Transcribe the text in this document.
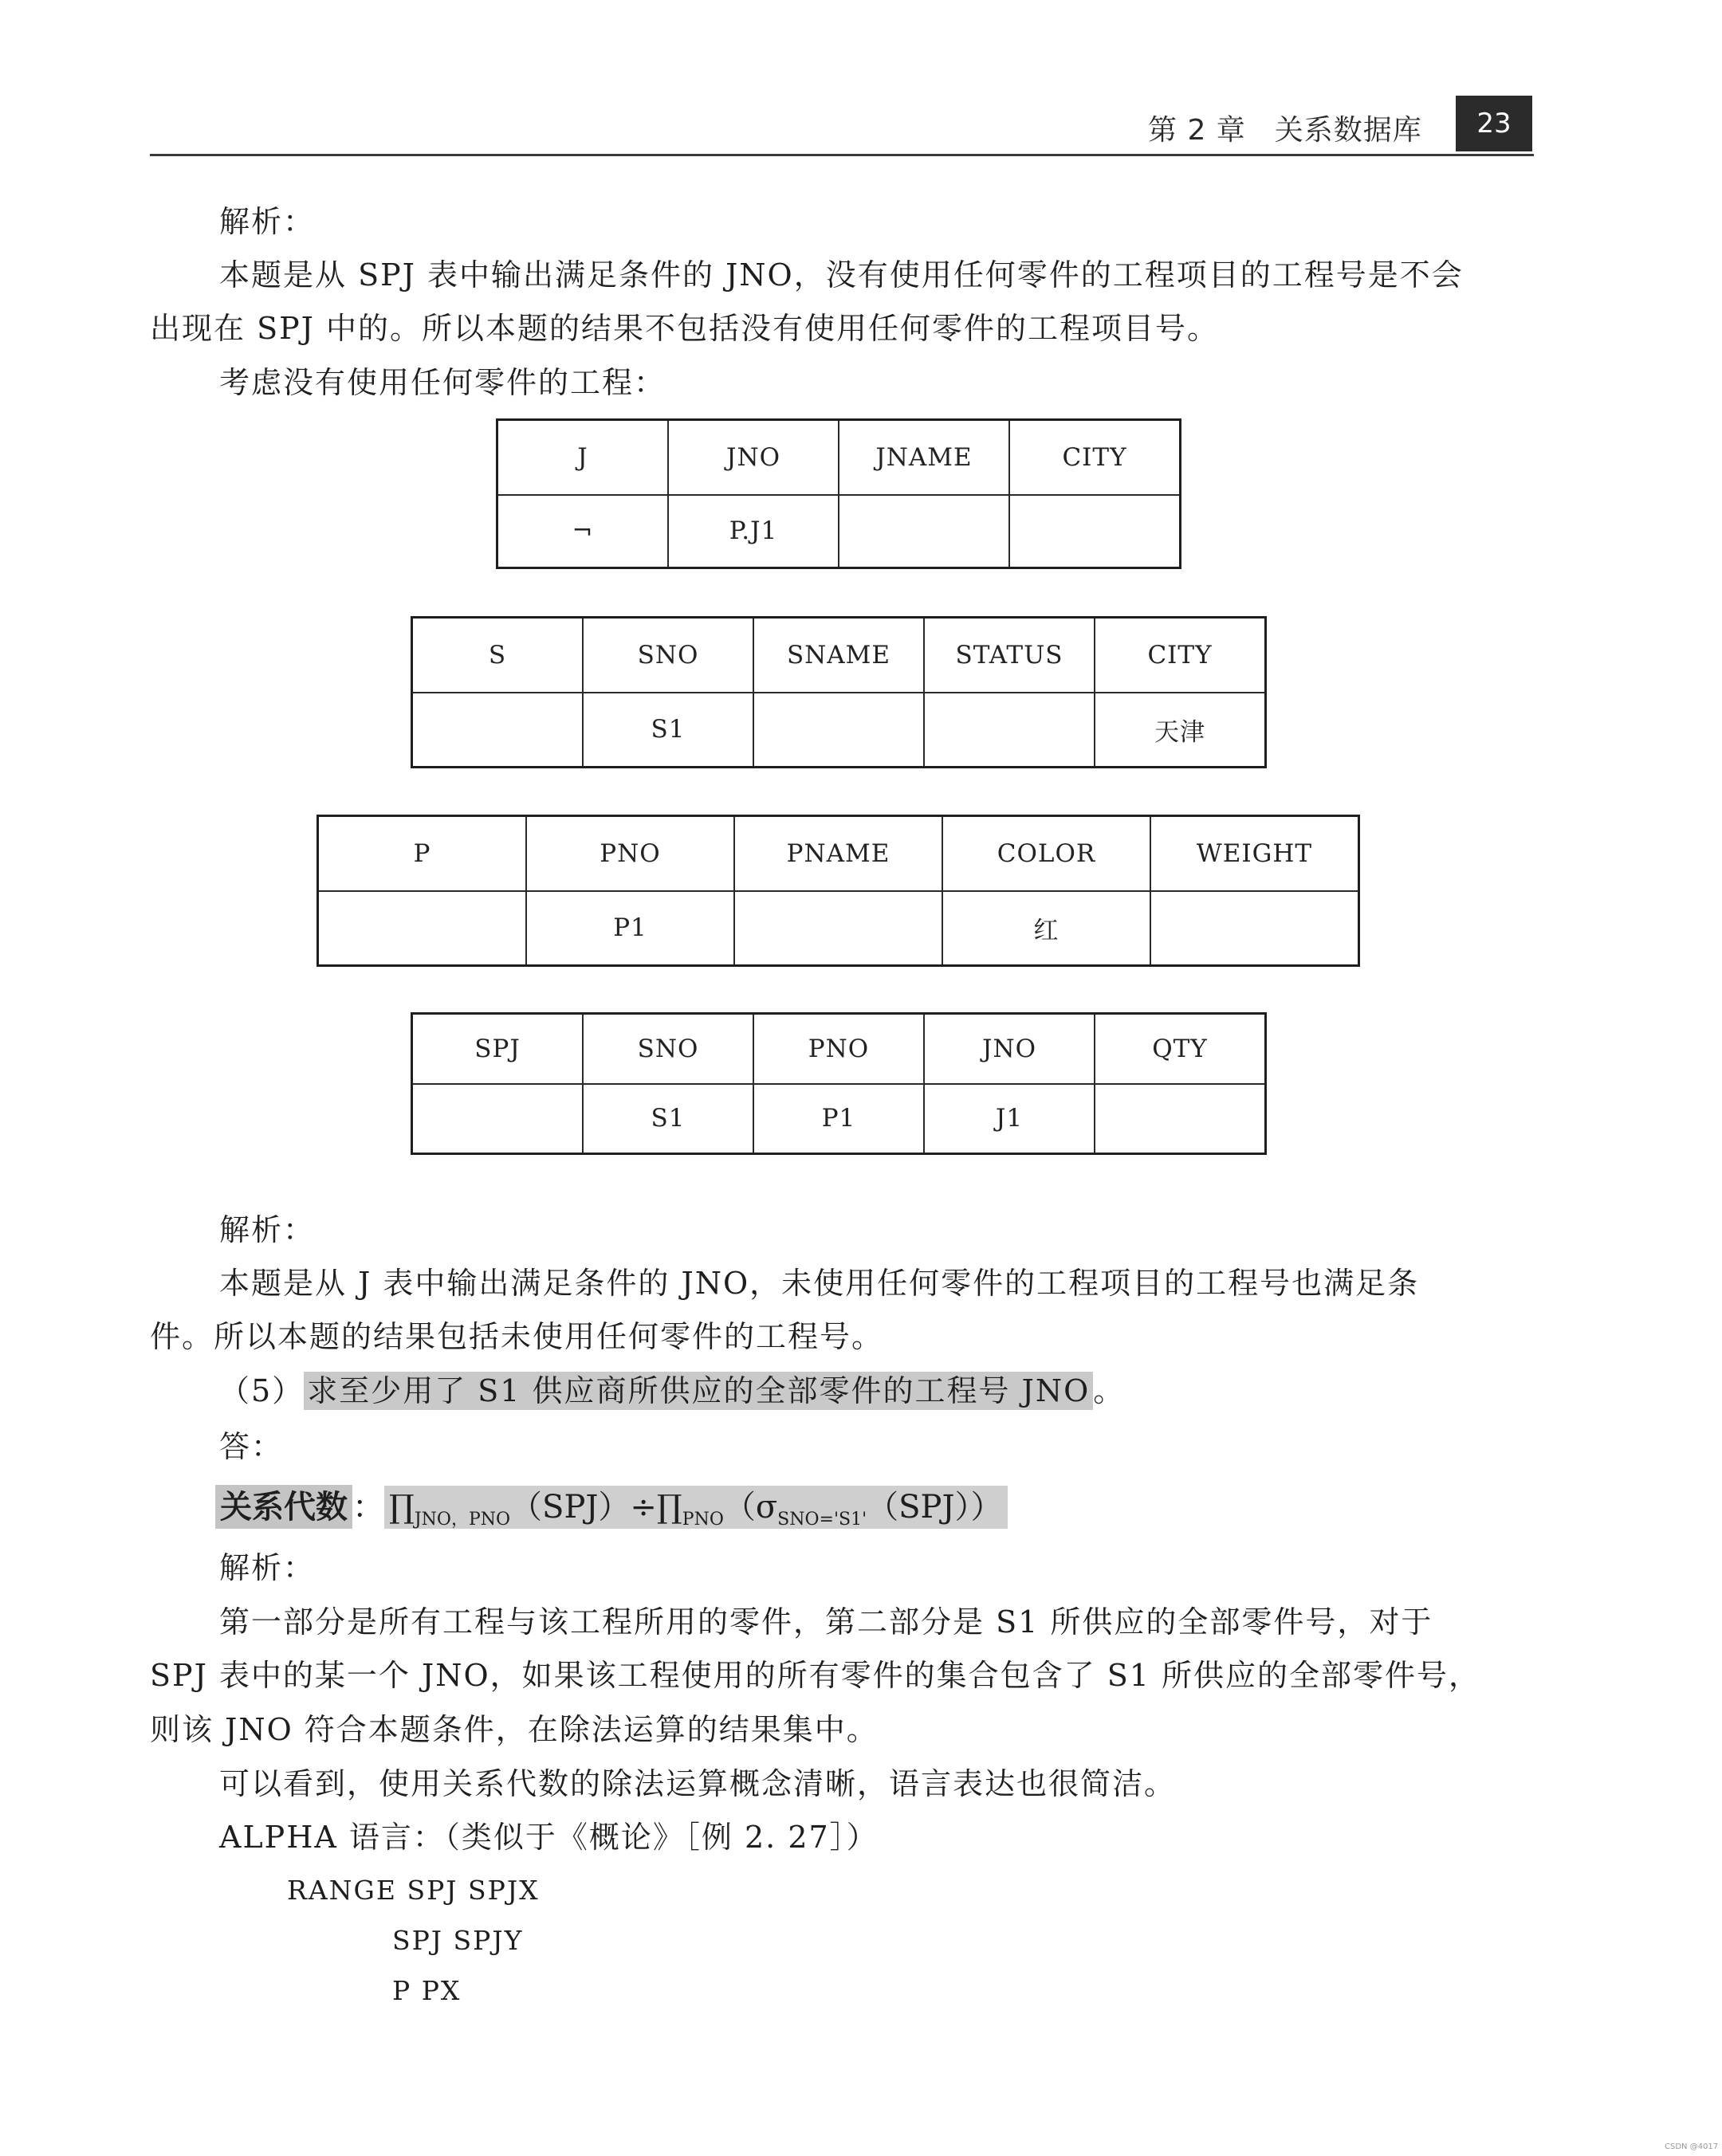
第 2 章 关系数据库	23
解析：
本题是从 SPJ 表中输出满足条件的 JNO，没有使用任何零件的工程项目的工程号是不会
出现在 SPJ 中的。所以本题的结果不包括没有使用任何零件的工程项目号。
考虑没有使用任何零件的工程：
J	JNO	JNAME	CITY
¬	P.J1		
S	SNO	SNAME	STATUS	CITY
	S1			天津
P	PNO	PNAME	COLOR	WEIGHT
	P1		红	
SPJ	SNO	PNO	JNO	QTY
	S1	P1	J1	
解析：
本题是从 J 表中输出满足条件的 JNO，未使用任何零件的工程项目的工程号也满足条
件。所以本题的结果包括未使用任何零件的工程号。
（5） 求至少用了 S1 供应商所供应的全部零件的工程号 JNO 。
答：
关系代数 ： $\prod_{JNO,PNO}(SPJ)\div\prod_{PNO}(\sigma_{SNO='S1'}(SPJ))$
解析：
第一部分是所有工程与该工程所用的零件，第二部分是 S1 所供应的全部零件号，对于
SPJ 表中的某一个 JNO，如果该工程使用的所有零件的集合包含了 S1 所供应的全部零件号，
则该 JNO 符合本题条件，在除法运算的结果集中。
可以看到，使用关系代数的除法运算概念清晰，语言表达也很简洁。
ALPHA 语言：（类似于《概论》［例 2. 27］）
RANGE SPJ SPJX
SPJ SPJY
P PX
CSDN @4017
